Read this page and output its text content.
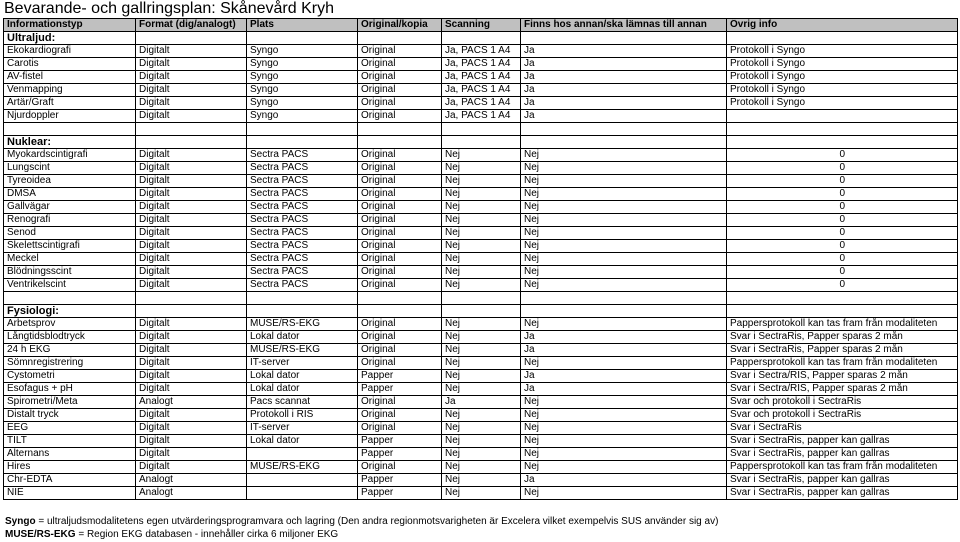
Bevarande- och gallringsplan: Skånevård Kryh
Informationstyp	Format (dig/analogt)	Plats	Original/kopia	Scanning	Finns hos annan/ska lämnas till annan	Övrig info
Ultraljud:						
Ekokardiografi	Digitalt	Syngo	Original	Ja, PACS 1 A4	Ja	Protokoll i Syngo
Carotis	Digitalt	Syngo	Original	Ja, PACS 1 A4	Ja	Protokoll i Syngo
AV-fistel	Digitalt	Syngo	Original	Ja, PACS 1 A4	Ja	Protokoll i Syngo
Venmapping	Digitalt	Syngo	Original	Ja, PACS 1 A4	Ja	Protokoll i Syngo
Artär/Graft	Digitalt	Syngo	Original	Ja, PACS 1 A4	Ja	Protokoll i Syngo
Njurdoppler	Digitalt	Syngo	Original	Ja, PACS 1 A4	Ja	

Nuklear:						
Myokardscintigrafi	Digitalt	Sectra PACS	Original	Nej	Nej	0
Lungscint	Digitalt	Sectra PACS	Original	Nej	Nej	0
Tyreoidea	Digitalt	Sectra PACS	Original	Nej	Nej	0
DMSA	Digitalt	Sectra PACS	Original	Nej	Nej	0
Gallvägar	Digitalt	Sectra PACS	Original	Nej	Nej	0
Renografi	Digitalt	Sectra PACS	Original	Nej	Nej	0
Senod	Digitalt	Sectra PACS	Original	Nej	Nej	0
Skelettscintigrafi	Digitalt	Sectra PACS	Original	Nej	Nej	0
Meckel	Digitalt	Sectra PACS	Original	Nej	Nej	0
Blödningsscint	Digitalt	Sectra PACS	Original	Nej	Nej	0
Ventrikelscint	Digitalt	Sectra PACS	Original	Nej	Nej	0

Fysiologi:						
Arbetsprov	Digitalt	MUSE/RS-EKG	Original	Nej	Nej	Pappersprotokoll kan tas fram från modaliteten
Långtidsblodtryck	Digitalt	Lokal dator	Original	Nej	Ja	Svar i SectraRis, Papper sparas 2 mån
24 h EKG	Digitalt	MUSE/RS-EKG	Original	Nej	Ja	Svar i SectraRis, Papper sparas 2 mån
Sömnregistrering	Digitalt	IT-server	Original	Nej	Nej	Pappersprotokoll kan tas fram från modaliteten
Cystometri	Digitalt	Lokal dator	Papper	Nej	Ja	Svar i Sectra/RIS, Papper sparas 2 mån
Esofagus + pH	Digitalt	Lokal dator	Papper	Nej	Ja	Svar i Sectra/RIS, Papper sparas 2 mån
Spirometri/Meta	Analogt	Pacs scannat	Original	Ja	Nej	Svar och protokoll i SectraRis
Distalt tryck	Digitalt	Protokoll i RIS	Original	Nej	Nej	Svar och protokoll i SectraRis
EEG	Digitalt	IT-server	Original	Nej	Nej	Svar i SectraRis
TILT	Digitalt	Lokal dator	Papper	Nej	Nej	Svar i SectraRis, papper kan gallras
Alternans	Digitalt		Papper	Nej	Nej	Svar i SectraRis, papper kan gallras
Hires	Digitalt	MUSE/RS-EKG	Original	Nej	Nej	Pappersprotokoll kan tas fram från modaliteten
Chr-EDTA	Analogt		Papper	Nej	Ja	Svar i SectraRis, papper kan gallras
NIE	Analogt		Papper	Nej	Nej	Svar i SectraRis, papper kan gallras
Syngo = ultraljudsmodalitetens egen utvärderingsprogramvara och lagring (Den andra regionmotsvarigheten är Excelera vilket exempelvis SUS använder sig av)
MUSE/RS-EKG = Region EKG databasen - innehåller cirka 6 miljoner EKG
